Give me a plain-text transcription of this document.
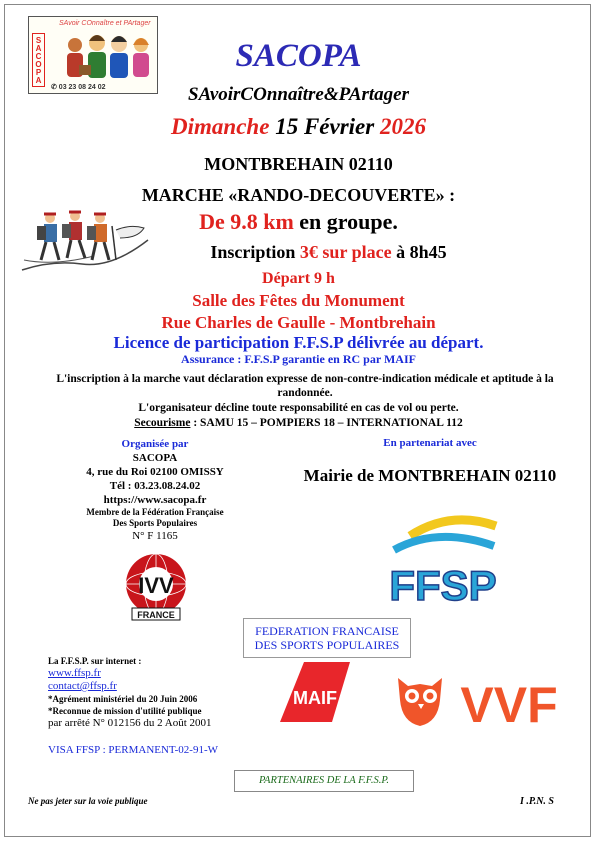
SACOPA
SAvoir COnnaître et PArtager
✆ 03 23 08 24 02
SACOPA
SAvoirCOnnaître&PArtager
Dimanche 15 Février 2026
MONTBREHAIN 02110
MARCHE «RANDO-DECOUVERTE» :
De 9.8 km en groupe.
Inscription 3€ sur place à 8h45
Départ 9 h
Salle des Fêtes du Monument
Rue Charles de Gaulle - Montbrehain
Licence de participation F.F.S.P délivrée au départ.
Assurance : F.F.S.P garantie en RC par MAIF
L'inscription à la marche vaut déclaration expresse de non-contre-indication médicale et aptitude à la randonnée.
L'organisateur décline toute responsabilité en cas de vol ou perte.
Secourisme : SAMU 15 – POMPIERS 18 – INTERNATIONAL 112
Organisée par
SACOPA
4, rue du Roi 02100 OMISSY
Tél : 03.23.08.24.02
https://www.sacopa.fr
Membre de la Fédération Française
Des Sports Populaires
N° F 1165
En partenariat avec
Mairie de MONTBREHAIN 02110
IVV
FRANCE
FFSP
FEDERATION FRANCAISE
DES SPORTS POPULAIRES
MAIF VVF
La F.F.S.P. sur internet :
www.ffsp.fr
contact@ffsp.fr
*Agrément ministériel du 20 Juin 2006
*Reconnue de mission d'utilité publique
par arrêté N° 012156 du 2 Août 2001
VISA FFSP : PERMANENT-02-91-W
PARTENAIRES DE LA F.F.S.P.
Ne pas jeter sur la voie publique	I .P.N. S
